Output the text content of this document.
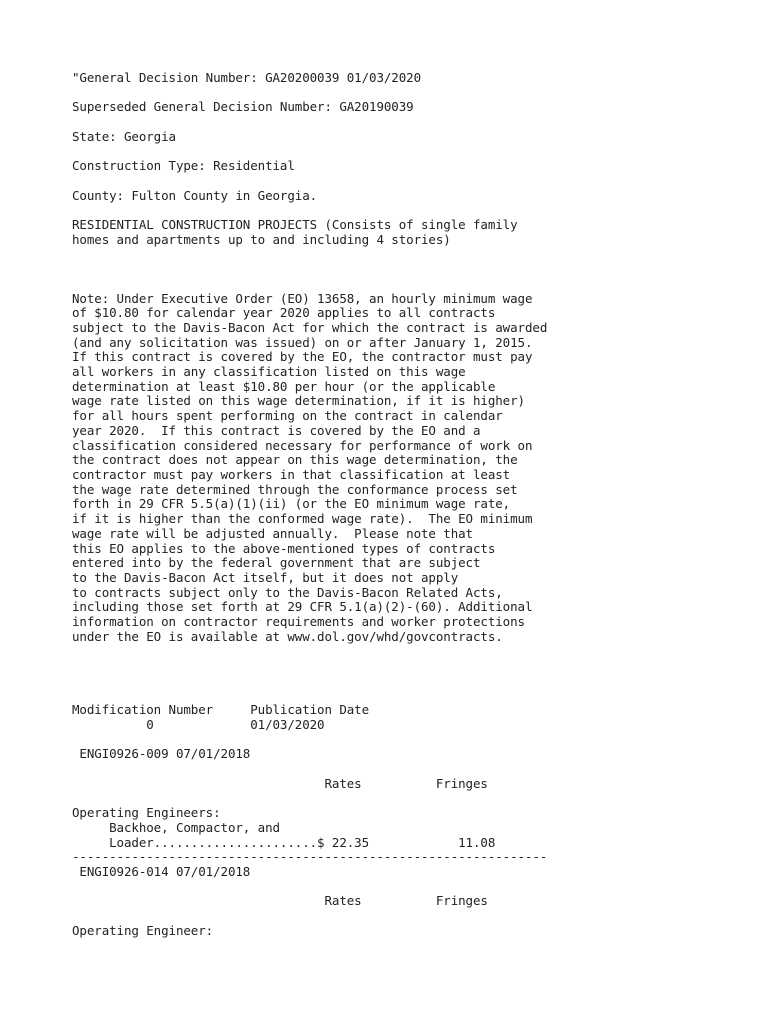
"General Decision Number: GA20200039 01/03/2020

Superseded General Decision Number: GA20190039

State: Georgia

Construction Type: Residential

County: Fulton County in Georgia.

RESIDENTIAL CONSTRUCTION PROJECTS (Consists of single family
homes and apartments up to and including 4 stories)

Note: Under Executive Order (EO) 13658, an hourly minimum wage
of $10.80 for calendar year 2020 applies to all contracts
subject to the Davis-Bacon Act for which the contract is awarded
(and any solicitation was issued) on or after January 1, 2015.
If this contract is covered by the EO, the contractor must pay
all workers in any classification listed on this wage
determination at least $10.80 per hour (or the applicable
wage rate listed on this wage determination, if it is higher)
for all hours spent performing on the contract in calendar
year 2020.  If this contract is covered by the EO and a
classification considered necessary for performance of work on
the contract does not appear on this wage determination, the
contractor must pay workers in that classification at least
the wage rate determined through the conformance process set
forth in 29 CFR 5.5(a)(1)(ii) (or the EO minimum wage rate,
if it is higher than the conformed wage rate).  The EO minimum
wage rate will be adjusted annually.  Please note that
this EO applies to the above-mentioned types of contracts
entered into by the federal government that are subject
to the Davis-Bacon Act itself, but it does not apply
to contracts subject only to the Davis-Bacon Related Acts,
including those set forth at 29 CFR 5.1(a)(2)-(60). Additional
information on contractor requirements and worker protections
under the EO is available at www.dol.gov/whd/govcontracts.

Modification Number     Publication Date
0             01/03/2020

ENGI0926-009 07/01/2018

Rates          Fringes

Operating Engineers:
Backhoe, Compactor, and
Loader......................$ 22.35            11.08
----------------------------------------------------------------
ENGI0926-014 07/01/2018

Rates          Fringes

Operating Engineer:
